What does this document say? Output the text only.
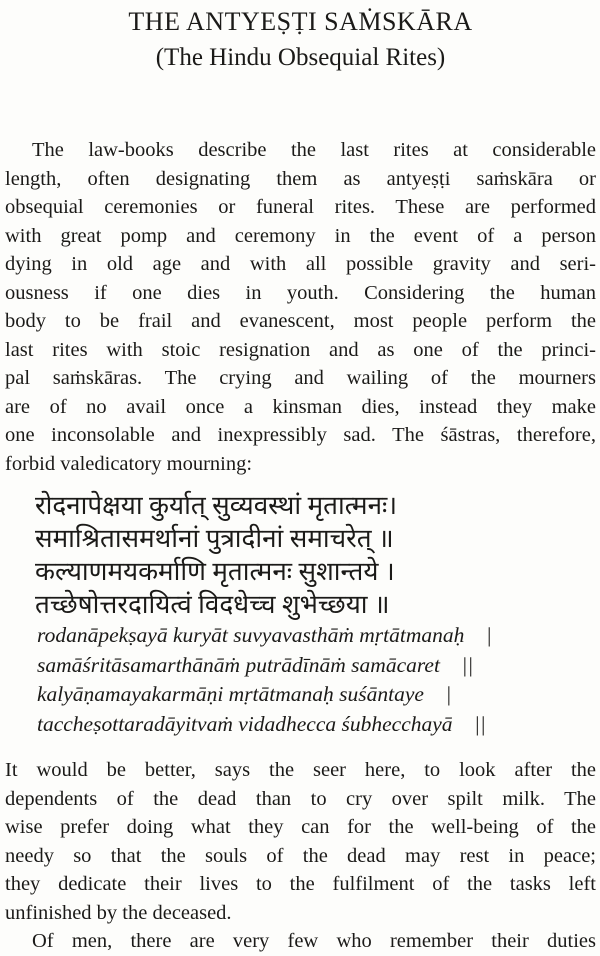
THE ANTYEṢṬI SAṀSKĀRA
(The Hindu Obsequial Rites)
The law-books describe the last rites at considerable
length, often designating them as antyeṣṭi saṁskāra or
obsequial ceremonies or funeral rites. These are performed
with great pomp and ceremony in the event of a person
dying in old age and with all possible gravity and seri-
ousness if one dies in youth. Considering the human
body to be frail and evanescent, most people perform the
last rites with stoic resignation and as one of the princi-
pal saṁskāras. The crying and wailing of the mourners
are of no avail once a kinsman dies, instead they make
one inconsolable and inexpressibly sad. The śāstras, therefore,
forbid valedicatory mourning:
रोदनापेक्षया कुर्यात् सुव्यवस्थां मृतात्मनः।
समाश्रितासमर्थानां पुत्रादीनां समाचरेत् ॥
कल्याणमयकर्माणि मृतात्मनः सुशान्तये ।
तच्छेषोत्तरदायित्वं विदधेच्च शुभेच्छया ॥
rodanāpekṣayā kuryāt suvyavasthāṁ mṛtātmanaḥ |
samāśritāsamarthānāṁ putrādīnāṁ samācaret ||
kalyāṇamayakarmāṇi mṛtātmanaḥ suśāntaye |
taccheṣottaradāyitvaṁ vidadhecca śubhecchayā ||
It would be better, says the seer here, to look after the
dependents of the dead than to cry over spilt milk. The
wise prefer doing what they can for the well-being of the
needy so that the souls of the dead may rest in peace;
they dedicate their lives to the fulfilment of the tasks left
unfinished by the deceased.
Of men, there are very few who remember their duties
